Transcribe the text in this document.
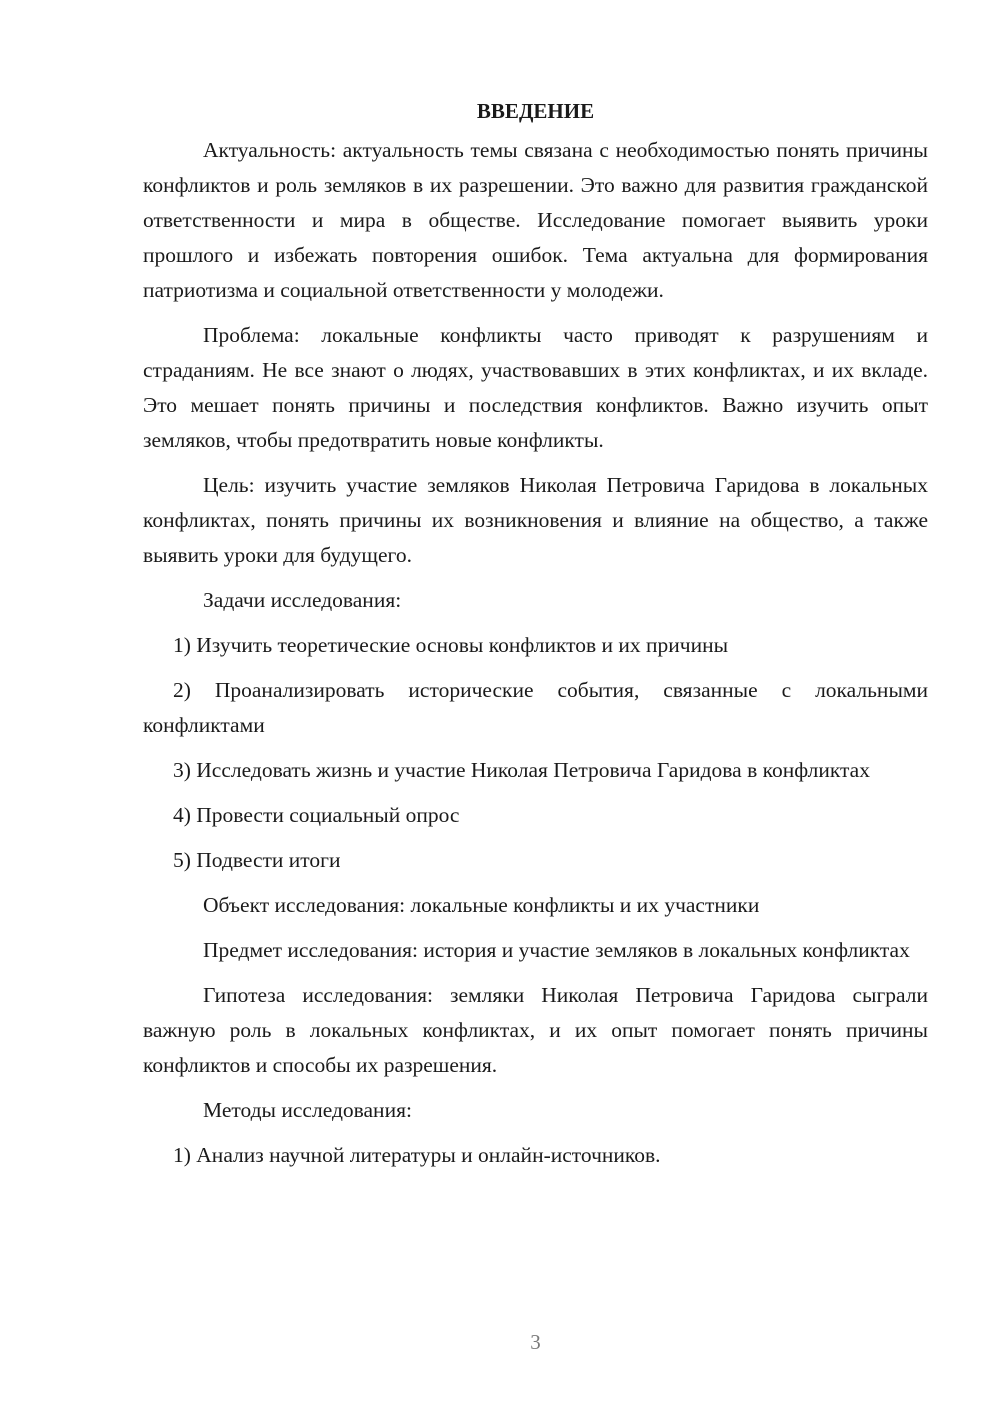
ВВЕДЕНИЕ

Актуальность: актуальность темы связана с необходимостью понять причины конфликтов и роль земляков в их разрешении. Это важно для развития гражданской ответственности и мира в обществе. Исследование помогает выявить уроки прошлого и избежать повторения ошибок. Тема актуальна для формирования патриотизма и социальной ответственности у молодежи.

Проблема: локальные конфликты часто приводят к разрушениям и страданиям. Не все знают о людях, участвовавших в этих конфликтах, и их вкладе. Это мешает понять причины и последствия конфликтов. Важно изучить опыт земляков, чтобы предотвратить новые конфликты.

Цель: изучить участие земляков Николая Петровича Гаридова в локальных конфликтах, понять причины их возникновения и влияние на общество, а также выявить уроки для будущего.

Задачи исследования:

1) Изучить теоретические основы конфликтов и их причины

2) Проанализировать исторические события, связанные с локальными конфликтами

3) Исследовать жизнь и участие Николая Петровича Гаридова в конфликтах

4) Провести социальный опрос

5) Подвести итоги

Объект исследования: локальные конфликты и их участники

Предмет исследования: история и участие земляков в локальных конфликтах

Гипотеза исследования: земляки Николая Петровича Гаридова сыграли важную роль в локальных конфликтах, и их опыт помогает понять причины конфликтов и способы их разрешения.

Методы исследования:

1) Анализ научной литературы и онлайн-источников.

3
